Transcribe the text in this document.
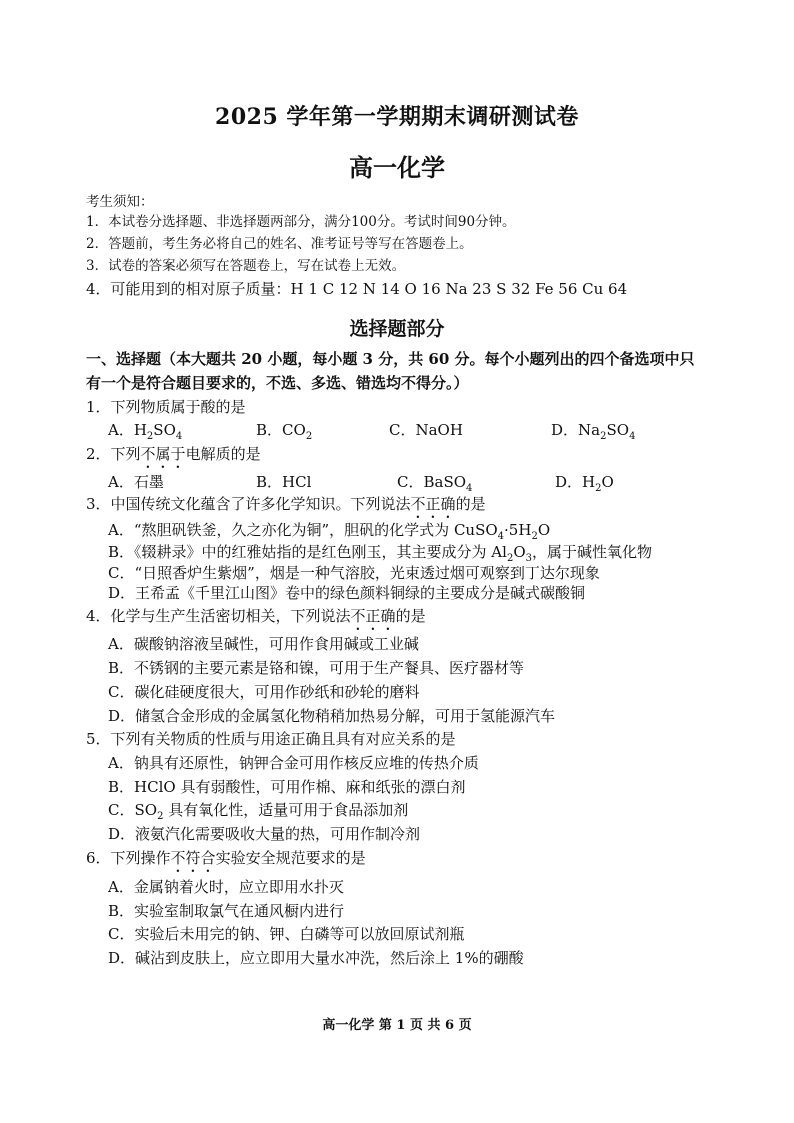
2025 学年第一学期期末调研测试卷
高一化学
考生须知：
1．本试卷分选择题、非选择题两部分，满分100分。考试时间90分钟。
2．答题前，考生务必将自己的姓名、准考证号等写在答题卷上。
3．试卷的答案必须写在答题卷上，写在试卷上无效。
4．可能用到的相对原子质量：H 1 C 12 N 14 O 16 Na 23 S 32 Fe 56 Cu 64
选择题部分
一、选择题（本大题共 20 小题，每小题 3 分，共 60 分。每个小题列出的四个备选项中只
有一个是符合题目要求的，不选、多选、错选均不得分。）
1．下列物质属于酸的是
A．$H_2SO_4$	B．$CO_2$	C．NaOH	D．$Na_2SO_4$
2．下列不属于电解质的是
A．石墨	B．HCl	C．BaSO$_4$	D．$H_2O$
3．中国传统文化蕴含了许多化学知识。下列说法不正确的是
A．“熬胆矾铁釜，久之亦化为铜”，胆矾的化学式为 $CuSO_4\cdot 5H_2O$
B．《辍耕录》中的红雅姑指的是红色刚玉，其主要成分为 $Al_2O_3$，属于碱性氧化物
C．“日照香炉生紫烟”，烟是一种气溶胶，光束透过烟可观察到丁达尔现象
D．王希孟《千里江山图》卷中的绿色颜料铜绿的主要成分是碱式碳酸铜
4．化学与生产生活密切相关，下列说法不正确的是
A．碳酸钠溶液呈碱性，可用作食用碱或工业碱
B．不锈钢的主要元素是铬和镍，可用于生产餐具、医疗器材等
C．碳化硅硬度很大，可用作砂纸和砂轮的磨料
D．储氢合金形成的金属氢化物稍稍加热易分解，可用于氢能源汽车
5．下列有关物质的性质与用途正确且具有对应关系的是
A．钠具有还原性，钠钾合金可用作核反应堆的传热介质
B．HClO 具有弱酸性，可用作棉、麻和纸张的漂白剂
C．$SO_2$ 具有氧化性，适量可用于食品添加剂
D．液氨汽化需要吸收大量的热，可用作制冷剂
6．下列操作不符合实验安全规范要求的是
A．金属钠着火时，应立即用水扑灭
B．实验室制取氯气在通风橱内进行
C．实验后未用完的钠、钾、白磷等可以放回原试剂瓶
D．碱沾到皮肤上，应立即用大量水冲洗，然后涂上 1%的硼酸
高一化学 第 1 页 共 6 页
